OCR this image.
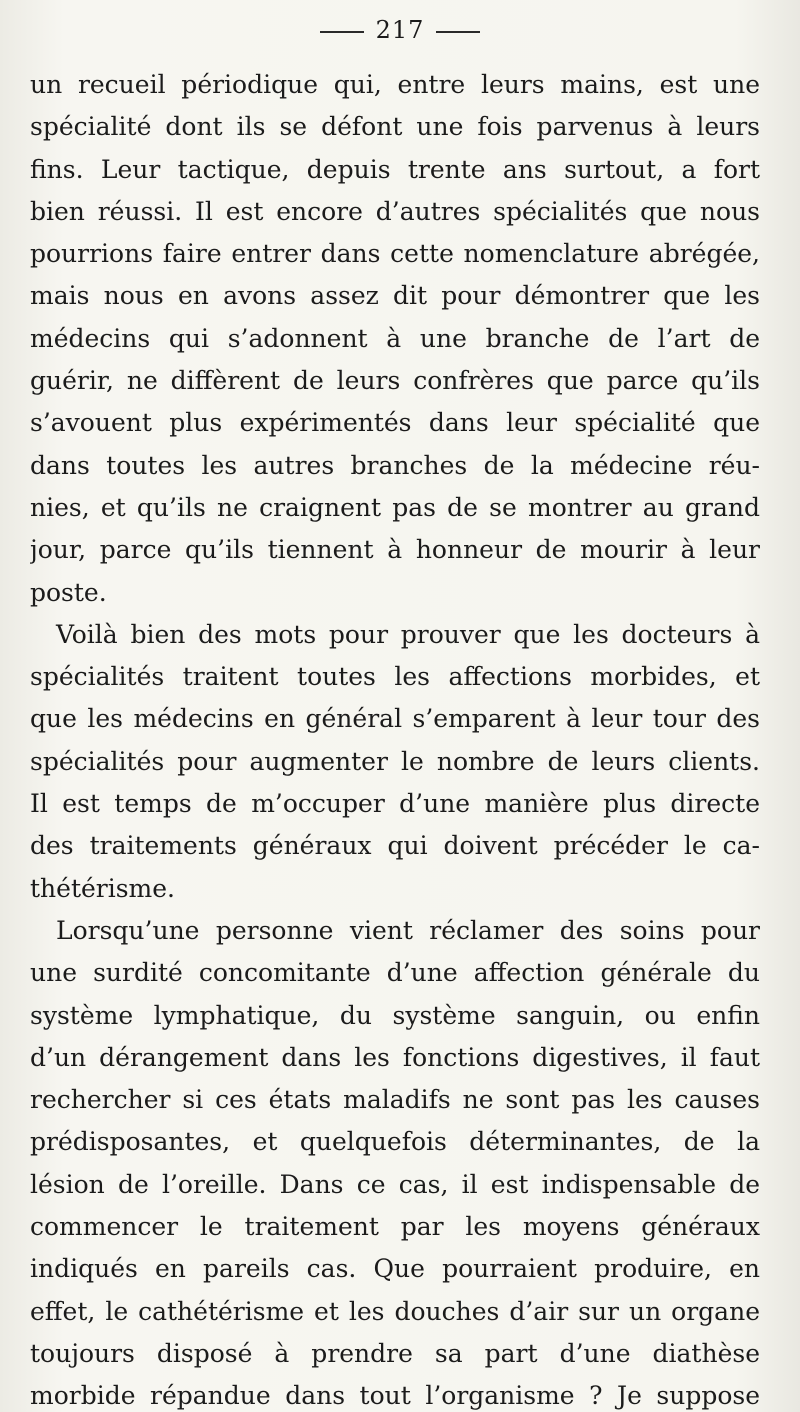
217
un recueil périodique qui, entre leurs mains, est une
spécialité dont ils se défont une fois parvenus à leurs
fins. Leur tactique, depuis trente ans surtout, a fort
bien réussi. Il est encore d’autres spécialités que nous
pourrions faire entrer dans cette nomenclature abrégée,
mais nous en avons assez dit pour démontrer que les
médecins qui s’adonnent à une branche de l’art de
guérir, ne diffèrent de leurs confrères que parce qu’ils
s’avouent plus expérimentés dans leur spécialité que
dans toutes les autres branches de la médecine réu-
nies, et qu’ils ne craignent pas de se montrer au grand
jour, parce qu’ils tiennent à honneur de mourir à leur
poste.
Voilà bien des mots pour prouver que les docteurs à
spécialités traitent toutes les affections morbides, et
que les médecins en général s’emparent à leur tour des
spécialités pour augmenter le nombre de leurs clients.
Il est temps de m’occuper d’une manière plus directe
des traitements généraux qui doivent précéder le ca-
thétérisme.
Lorsqu’une personne vient réclamer des soins pour
une surdité concomitante d’une affection générale du
système lymphatique, du système sanguin, ou enfin
d’un dérangement dans les fonctions digestives, il faut
rechercher si ces états maladifs ne sont pas les causes
prédisposantes, et quelquefois déterminantes, de la
lésion de l’oreille. Dans ce cas, il est indispensable de
commencer le traitement par les moyens généraux
indiqués en pareils cas. Que pourraient produire, en
effet, le cathétérisme et les douches d’air sur un organe
toujours disposé à prendre sa part d’une diathèse
morbide répandue dans tout l’organisme ? Je suppose
